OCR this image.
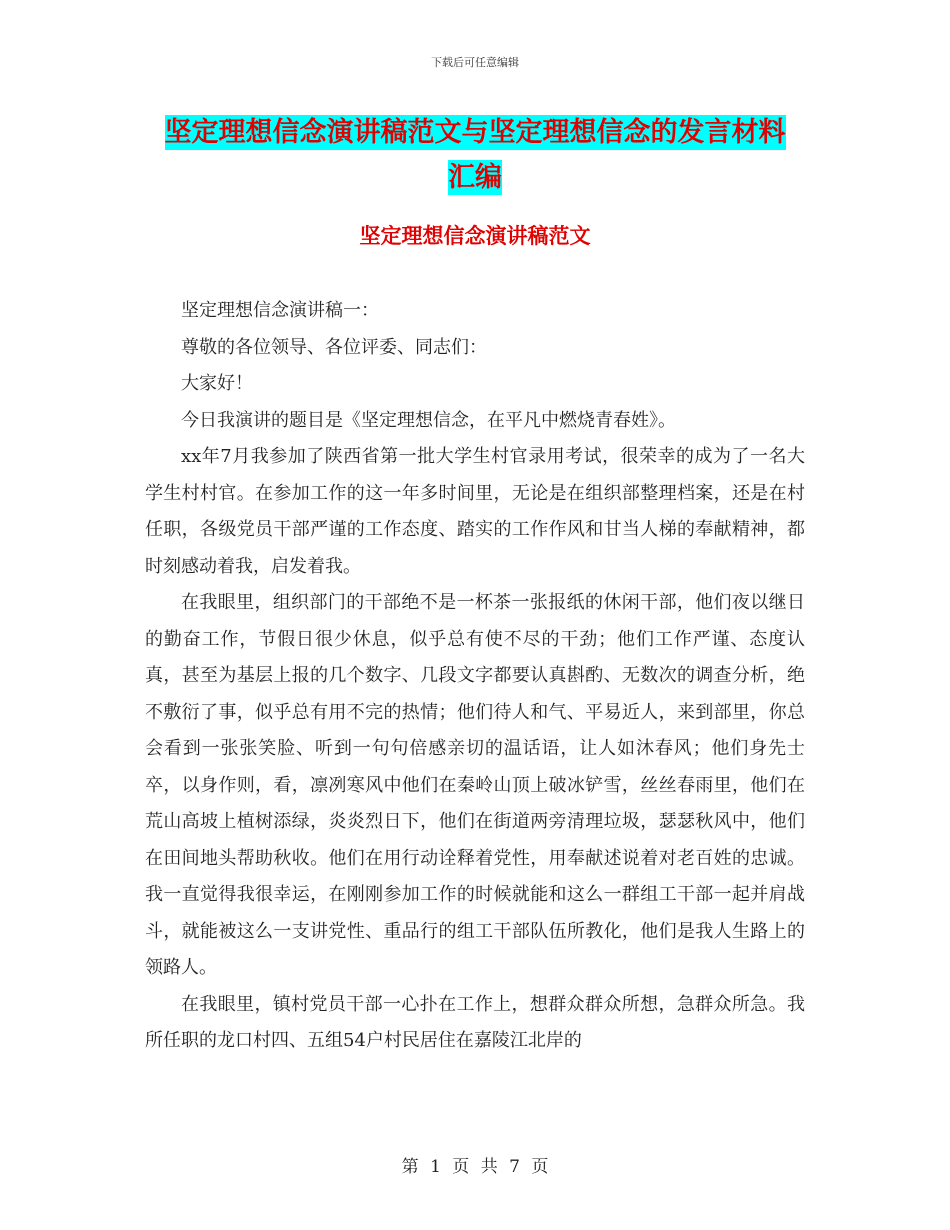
下载后可任意编辑
坚定理想信念演讲稿范文与坚定理想信念的发言材料
汇编
坚定理想信念演讲稿范文

坚定理想信念演讲稿一：

尊敬的各位领导、各位评委、同志们：

大家好！

今日我演讲的题目是《坚定理想信念，在平凡中燃烧青春姓》。

xx年7月我参加了陕西省第一批大学生村官录用考试，很荣幸的成为了一名大学生村村官。在参加工作的这一年多时间里，无论是在组织部整理档案，还是在村任职，各级党员干部严谨的工作态度、踏实的工作作风和甘当人梯的奉献精神，都时刻感动着我，启发着我。

在我眼里，组织部门的干部绝不是一杯茶一张报纸的休闲干部，他们夜以继日的勤奋工作，节假日很少休息，似乎总有使不尽的干劲；他们工作严谨、态度认真，甚至为基层上报的几个数字、几段文字都要认真斟酌、无数次的调查分析，绝不敷衍了事，似乎总有用不完的热情；他们待人和气、平易近人，来到部里，你总会看到一张张笑脸、听到一句句倍感亲切的温话语，让人如沐春风；他们身先士卒，以身作则，看，凛冽寒风中他们在秦岭山顶上破冰铲雪，丝丝春雨里，他们在荒山高坡上植树添绿，炎炎烈日下，他们在街道两旁清理垃圾，瑟瑟秋风中，他们在田间地头帮助秋收。他们在用行动诠释着党性，用奉献述说着对老百姓的忠诚。我一直觉得我很幸运，在刚刚参加工作的时候就能和这么一群组工干部一起并肩战斗，就能被这么一支讲党性、重品行的组工干部队伍所教化，他们是我人生路上的领路人。

在我眼里，镇村党员干部一心扑在工作上，想群众群众所想，急群众所急。我所任职的龙口村四、五组54户村民居住在嘉陵江北岸的

第 1 页 共 7 页
